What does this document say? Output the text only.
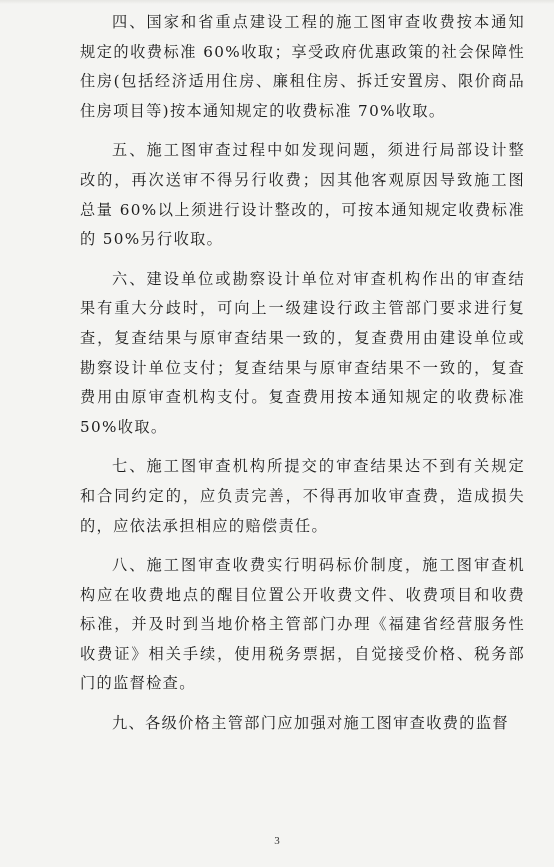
四、国家和省重点建设工程的施工图审查收费按本通知规定的收费标准 60%收取；享受政府优惠政策的社会保障性住房(包括经济适用住房、廉租住房、拆迁安置房、限价商品住房项目等)按本通知规定的收费标准 70%收取。

五、施工图审查过程中如发现问题，须进行局部设计整改的，再次送审不得另行收费；因其他客观原因导致施工图总量 60%以上须进行设计整改的，可按本通知规定收费标准的 50%另行收取。

六、建设单位或勘察设计单位对审查机构作出的审查结果有重大分歧时，可向上一级建设行政主管部门要求进行复查，复查结果与原审查结果一致的，复查费用由建设单位或勘察设计单位支付；复查结果与原审查结果不一致的，复查费用由原审查机构支付。复查费用按本通知规定的收费标准 50%收取。

七、施工图审查机构所提交的审查结果达不到有关规定和合同约定的，应负责完善，不得再加收审查费，造成损失的，应依法承担相应的赔偿责任。

八、施工图审查收费实行明码标价制度，施工图审查机构应在收费地点的醒目位置公开收费文件、收费项目和收费标准，并及时到当地价格主管部门办理《福建省经营服务性收费证》相关手续，使用税务票据，自觉接受价格、税务部门的监督检查。

九、各级价格主管部门应加强对施工图审查收费的监督

3
